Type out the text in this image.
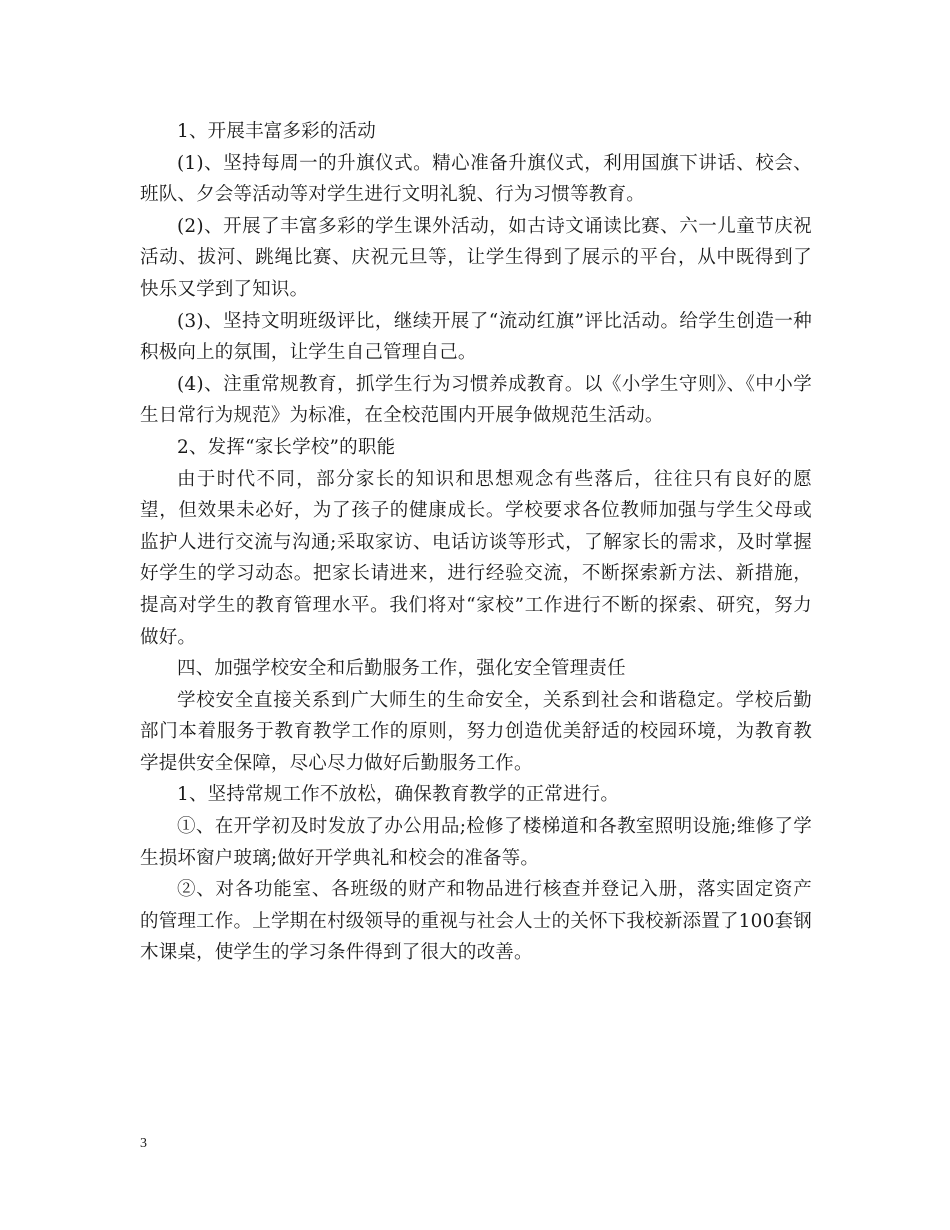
1、开展丰富多彩的活动

(1)、坚持每周一的升旗仪式。精心准备升旗仪式，利用国旗下讲话、校会、班队、夕会等活动等对学生进行文明礼貌、行为习惯等教育。

(2)、开展了丰富多彩的学生课外活动，如古诗文诵读比赛、六一儿童节庆祝活动、拔河、跳绳比赛、庆祝元旦等，让学生得到了展示的平台，从中既得到了快乐又学到了知识。

(3)、坚持文明班级评比，继续开展了“流动红旗”评比活动。给学生创造一种积极向上的氛围，让学生自己管理自己。

(4)、注重常规教育，抓学生行为习惯养成教育。以《小学生守则》、《中小学生日常行为规范》为标准，在全校范围内开展争做规范生活动。

2、发挥“家长学校”的职能

由于时代不同，部分家长的知识和思想观念有些落后，往往只有良好的愿望，但效果未必好，为了孩子的健康成长。学校要求各位教师加强与学生父母或监护人进行交流与沟通;采取家访、电话访谈等形式，了解家长的需求，及时掌握好学生的学习动态。把家长请进来，进行经验交流，不断探索新方法、新措施，提高对学生的教育管理水平。我们将对“家校”工作进行不断的探索、研究，努力做好。

四、加强学校安全和后勤服务工作，强化安全管理责任

学校安全直接关系到广大师生的生命安全，关系到社会和谐稳定。学校后勤部门本着服务于教育教学工作的原则，努力创造优美舒适的校园环境，为教育教学提供安全保障，尽心尽力做好后勤服务工作。

1、坚持常规工作不放松，确保教育教学的正常进行。

①、在开学初及时发放了办公用品;检修了楼梯道和各教室照明设施;维修了学生损坏窗户玻璃;做好开学典礼和校会的准备等。

②、对各功能室、各班级的财产和物品进行核查并登记入册，落实固定资产的管理工作。上学期在村级领导的重视与社会人士的关怀下我校新添置了100套钢木课桌，使学生的学习条件得到了很大的改善。

3
